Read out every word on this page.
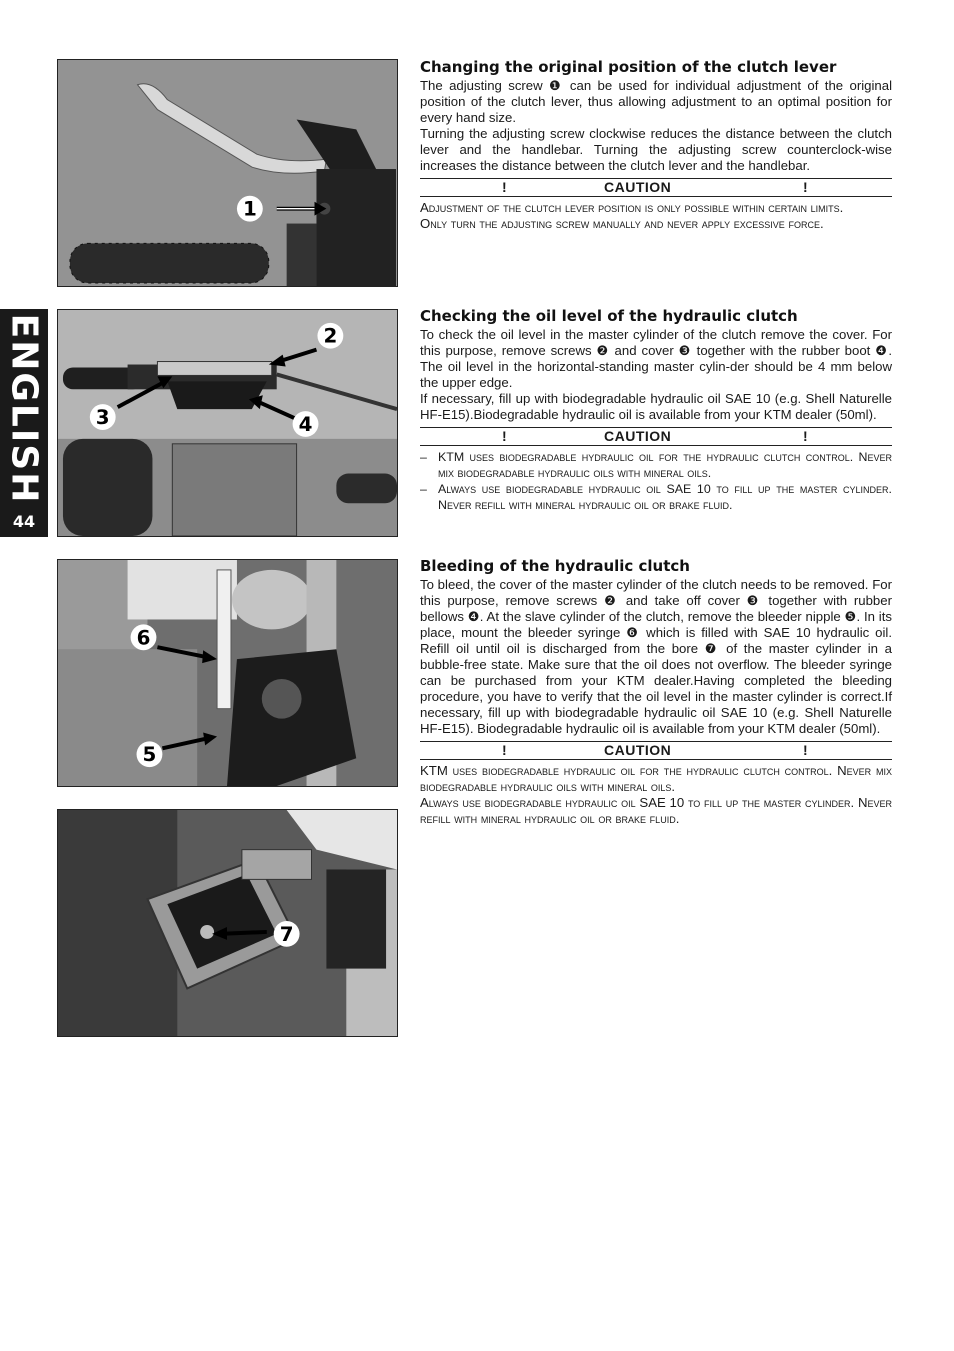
ENGLISH
44
1
2
3	4
6
5
7
Changing the original position of the clutch lever

The adjusting screw ❶ can be used for individual adjustment of the original position of the clutch lever, thus allowing adjustment to an optimal position for every hand size.

Turning the adjusting screw clockwise reduces the distance between the clutch lever and the handlebar. Turning the adjusting screw counterclock-wise increases the distance between the clutch lever and the handlebar.

!	CAUTION	!

Adjustment of the clutch lever position is only possible within certain limits.

Only turn the adjusting screw manually and never apply excessive force.

Checking the oil level of the hydraulic clutch

To check the oil level in the master cylinder of the clutch remove the cover. For this purpose, remove screws ❷ and cover ❸ together with the rubber boot ❹. The oil level in the horizontal-standing master cylin-der should be 4 mm below the upper edge.

If necessary, fill up with biodegradable hydraulic oil SAE 10 (e.g. Shell Naturelle HF-E15).Biodegradable hydraulic oil is available from your KTM dealer (50ml).

!	CAUTION	!
– KTM uses biodegradable hydraulic oil for the hydraulic clutch control. Never mix biodegradable hydraulic oils with mineral oils.
– Always use biodegradable hydraulic oil SAE 10 to fill up the master cylinder. Never refill with mineral hydraulic oil or brake fluid.
Bleeding of the hydraulic clutch

To bleed, the cover of the master cylinder of the clutch needs to be removed. For this purpose, remove screws ❷ and take off cover ❸ together with rubber bellows ❹. At the slave cylinder of the clutch, remove the bleeder nipple ❺. In its place, mount the bleeder syringe ❻ which is filled with SAE 10 hydraulic oil. Refill oil until oil is discharged from the bore ❼ of the master cylinder in a bubble-free state. Make sure that the oil does not overflow. The bleeder syringe can be purchased from your KTM dealer.Having completed the bleeding procedure, you have to verify that the oil level in the master cylinder is correct.If necessary, fill up with biodegradable hydraulic oil SAE 10 (e.g. Shell Naturelle HF-E15). Biodegradable hydraulic oil is available from your KTM dealer (50ml).

!	CAUTION	!

KTM uses biodegradable hydraulic oil for the hydraulic clutch control. Never mix biodegradable hydraulic oils with mineral oils.

Always use biodegradable hydraulic oil SAE 10 to fill up the master cylinder. Never refill with mineral hydraulic oil or brake fluid.
